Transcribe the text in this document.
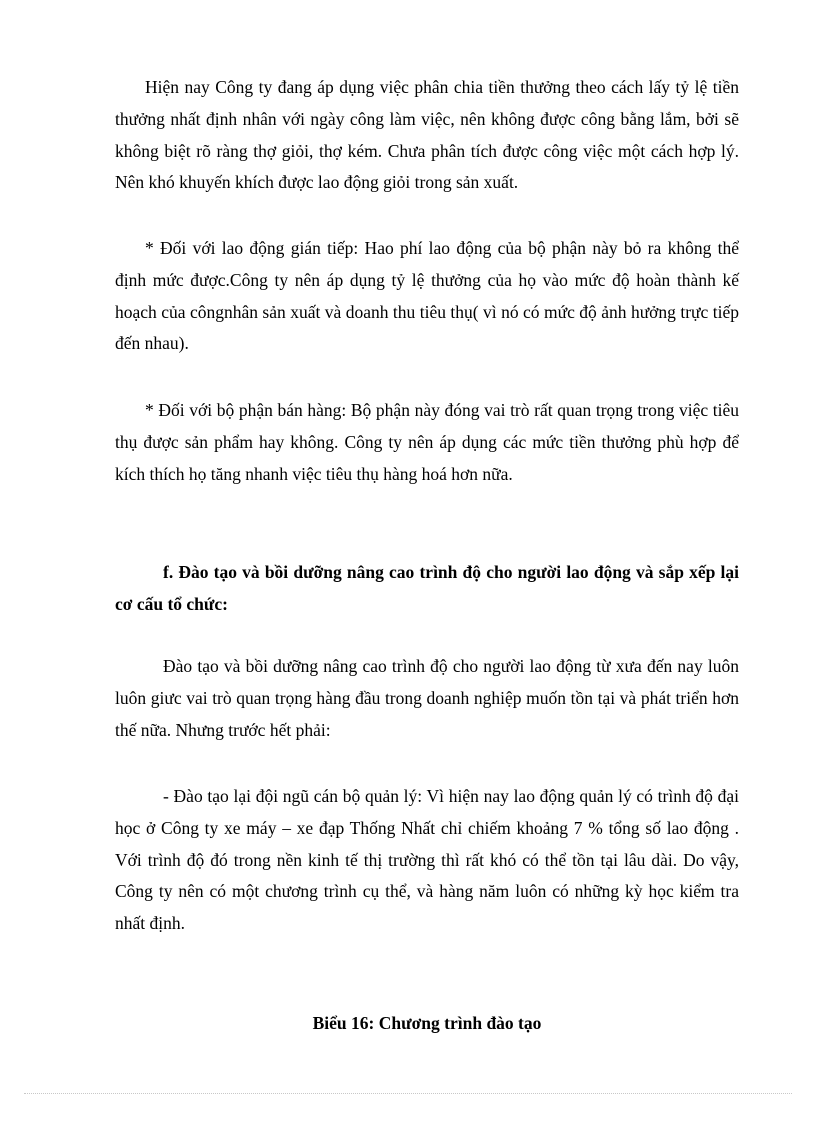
Hiện nay Công ty đang áp dụng việc phân chia tiền thưởng theo cách lấy tỷ lệ tiền thưởng nhất định nhân với ngày công làm việc, nên không được công bằng lắm, bởi sẽ không biệt rõ ràng thợ giỏi, thợ kém. Chưa phân tích được công việc một cách hợp lý. Nên khó khuyến khích được lao động giỏi trong sản xuất.

* Đối với lao động gián tiếp: Hao phí lao động của bộ phận này bỏ ra không thể định mức được.Công ty nên áp dụng tỷ lệ thưởng của họ vào mức độ hoàn thành kế hoạch của côngnhân sản xuất và doanh thu tiêu thụ( vì nó có mức độ ảnh hưởng trực tiếp đến nhau).

* Đối với bộ phận bán hàng: Bộ phận này đóng vai trò rất quan trọng trong việc tiêu thụ được sản phẩm hay không. Công ty nên áp dụng các mức tiền thưởng phù hợp để kích thích họ tăng nhanh việc tiêu thụ hàng hoá hơn nữa.

f. Đào tạo và bồi dưỡng nâng cao trình độ cho người lao động và sắp xếp lại cơ cấu tổ chức:

Đào tạo và bồi dưỡng nâng cao trình độ cho người lao động từ xưa đến nay luôn luôn giưc vai trò quan trọng hàng đầu trong doanh nghiệp muốn tồn tại và phát triển hơn thế nữa. Nhưng trước hết phải:

- Đào tạo lại đội ngũ cán bộ quản lý: Vì hiện nay lao động quản lý có trình độ đại học ở Công ty xe máy – xe đạp Thống Nhất chỉ chiếm khoảng 7 % tổng số lao động . Với trình độ đó trong nền kinh tế thị trường thì rất khó có thể tồn tại lâu dài. Do vậy, Công ty nên có một chương trình cụ thể, và hàng năm luôn có những kỳ học kiểm tra nhất định.

Biểu 16: Chương trình đào tạo
